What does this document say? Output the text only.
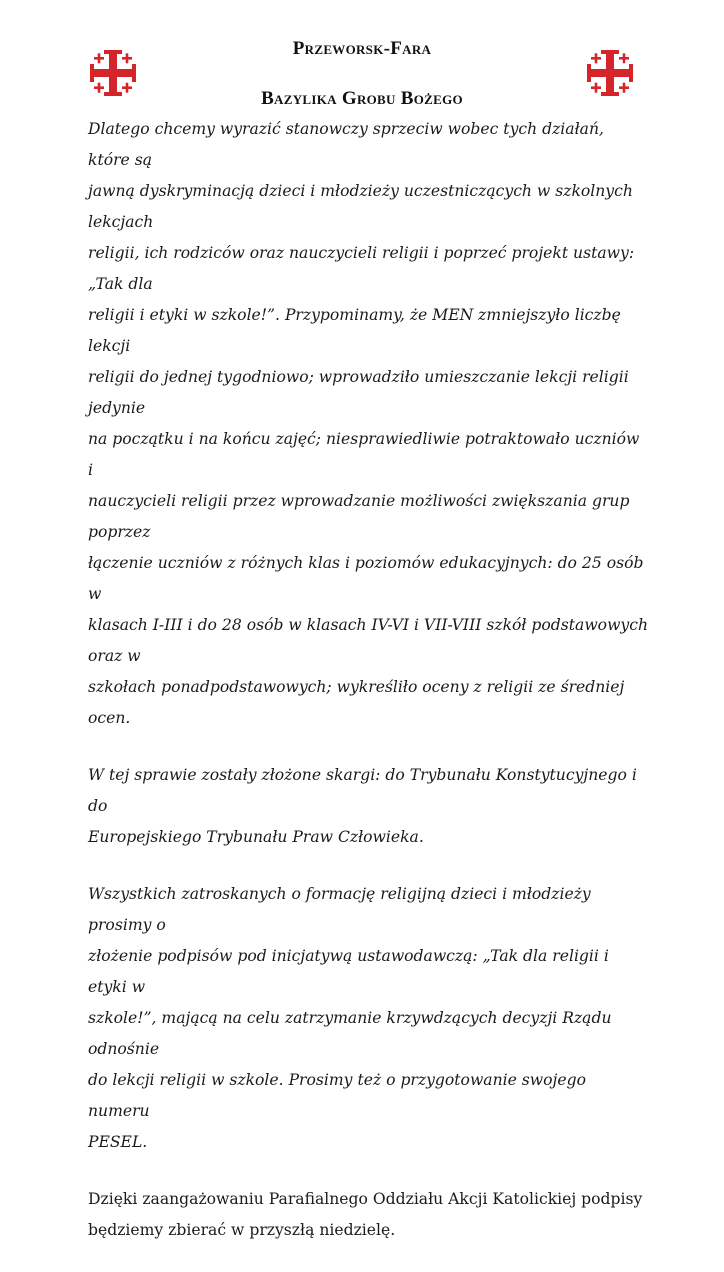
Przeworsk-Fara
Bazylika Grobu Bożego

Dlatego chcemy wyrazić stanowczy sprzeciw wobec tych działań, które są
jawną dyskryminacją dzieci i młodzieży uczestniczących w szkolnych lekcjach
religii, ich rodziców oraz nauczycieli religii i poprzeć projekt ustawy: „Tak dla
religii i etyki w szkole!”. Przypominamy, że MEN zmniejszyło liczbę lekcji
religii do jednej tygodniowo; wprowadziło umieszczanie lekcji religii jedynie
na początku i na końcu zajęć; niesprawiedliwie potraktowało uczniów i
nauczycieli religii przez wprowadzanie możliwości zwiększania grup poprzez
łączenie uczniów z różnych klas i poziomów edukacyjnych: do 25 osób w
klasach I-III i do 28 osób w klasach IV-VI i VII-VIII szkół podstawowych oraz w
szkołach ponadpodstawowych; wykreśliło oceny z religii ze średniej ocen.

W tej sprawie zostały złożone skargi: do Trybunału Konstytucyjnego i do
Europejskiego Trybunału Praw Człowieka.

Wszystkich zatroskanych o formację religijną dzieci i młodzieży prosimy o
złożenie podpisów pod inicjatywą ustawodawczą: „Tak dla religii i etyki w
szkole!”, mającą na celu zatrzymanie krzywdzących decyzji Rządu odnośnie
do lekcji religii w szkole. Prosimy też o przygotowanie swojego numeru
PESEL.

Dzięki zaangażowaniu Parafialnego Oddziału Akcji Katolickiej podpisy
będziemy zbierać w przyszłą niedzielę.
